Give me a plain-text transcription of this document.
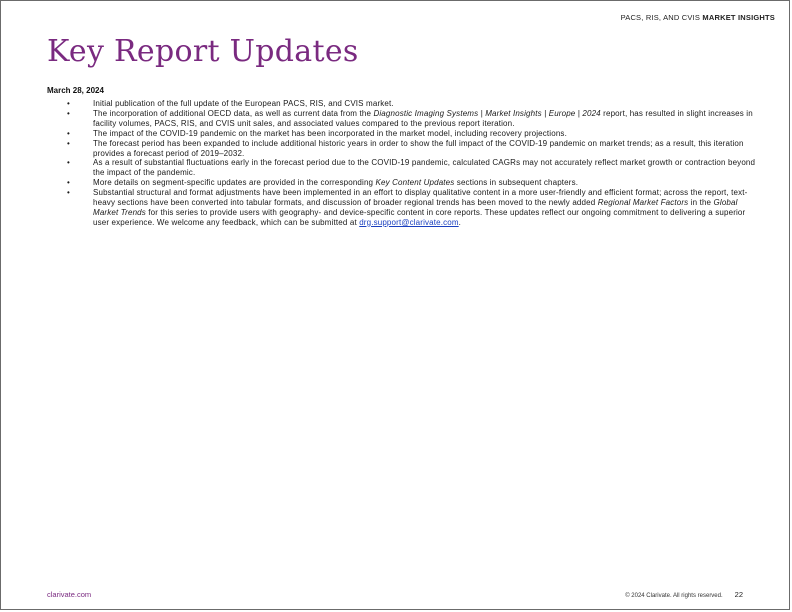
PACS, RIS, AND CVIS MARKET INSIGHTS
Key Report Updates
March 28, 2024
•	Initial publication of the full update of the European PACS, RIS, and CVIS market.
•	The incorporation of additional OECD data, as well as current data from the Diagnostic Imaging Systems | Market Insights | Europe | 2024 report, has resulted in slight increases in facility volumes, PACS, RIS, and CVIS unit sales, and associated values compared to the previous report iteration.
•	The impact of the COVID-19 pandemic on the market has been incorporated in the market model, including recovery projections.
•	The forecast period has been expanded to include additional historic years in order to show the full impact of the COVID-19 pandemic on market trends; as a result, this iteration provides a forecast period of 2019–2032.
•	As a result of substantial fluctuations early in the forecast period due to the COVID-19 pandemic, calculated CAGRs may not accurately reflect market growth or contraction beyond the impact of the pandemic.
•	More details on segment-specific updates are provided in the corresponding Key Content Updates sections in subsequent chapters.
•	Substantial structural and format adjustments have been implemented in an effort to display qualitative content in a more user-friendly and efficient format; across the report, text-heavy sections have been converted into tabular formats, and discussion of broader regional trends has been moved to the newly added Regional Market Factors in the Global Market Trends for this series to provide users with geography- and device-specific content in core reports. These updates reflect our ongoing commitment to delivering a superior user experience. We welcome any feedback, which can be submitted at drg.support@clarivate.com.
clarivate.com	© 2024 Clarivate. All rights reserved. 22
